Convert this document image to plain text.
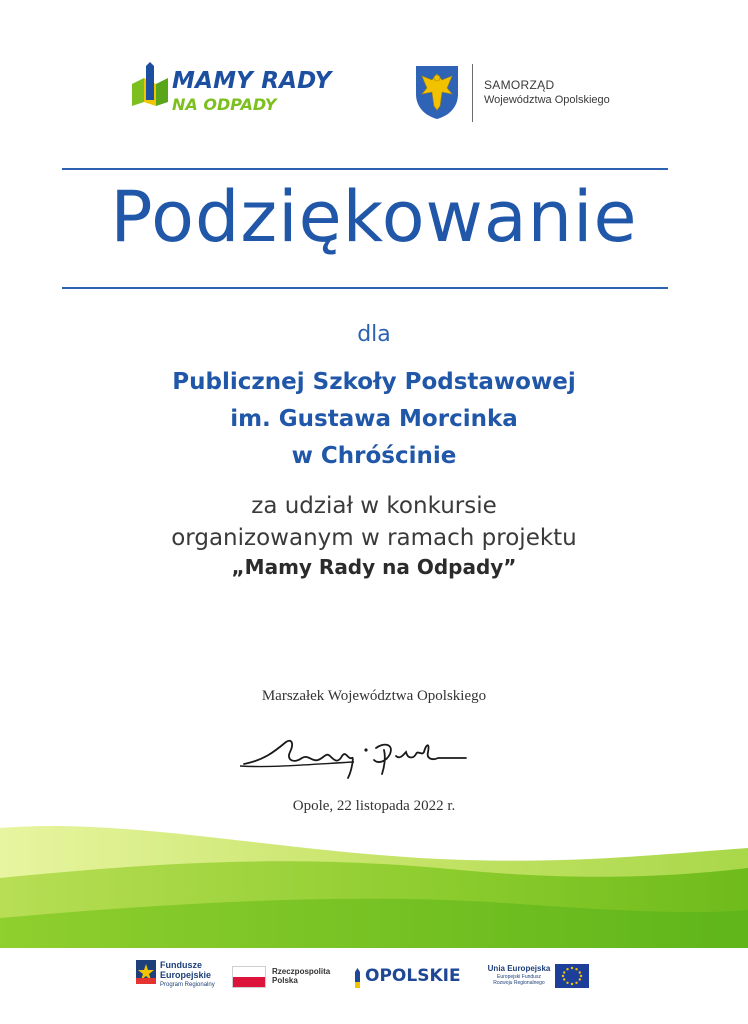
MAMY RADY
NA ODPADY
SAMORZĄD
Województwa Opolskiego
Podziękowanie
dla
Publicznej Szkoły Podstawowej
im. Gustawa Morcinka
w Chróścinie
za udział w konkursie
organizowanym w ramach projektu
„Mamy Rady na Odpady”
Marszałek Województwa Opolskiego
Opole, 22 listopada 2022 r.
Fundusze
Europejskie
Program Regionalny
Rzeczpospolita
Polska	OPOLSKIE	Unia Europejska
Europejski Fundusz
Rozwoju Regionalnego
